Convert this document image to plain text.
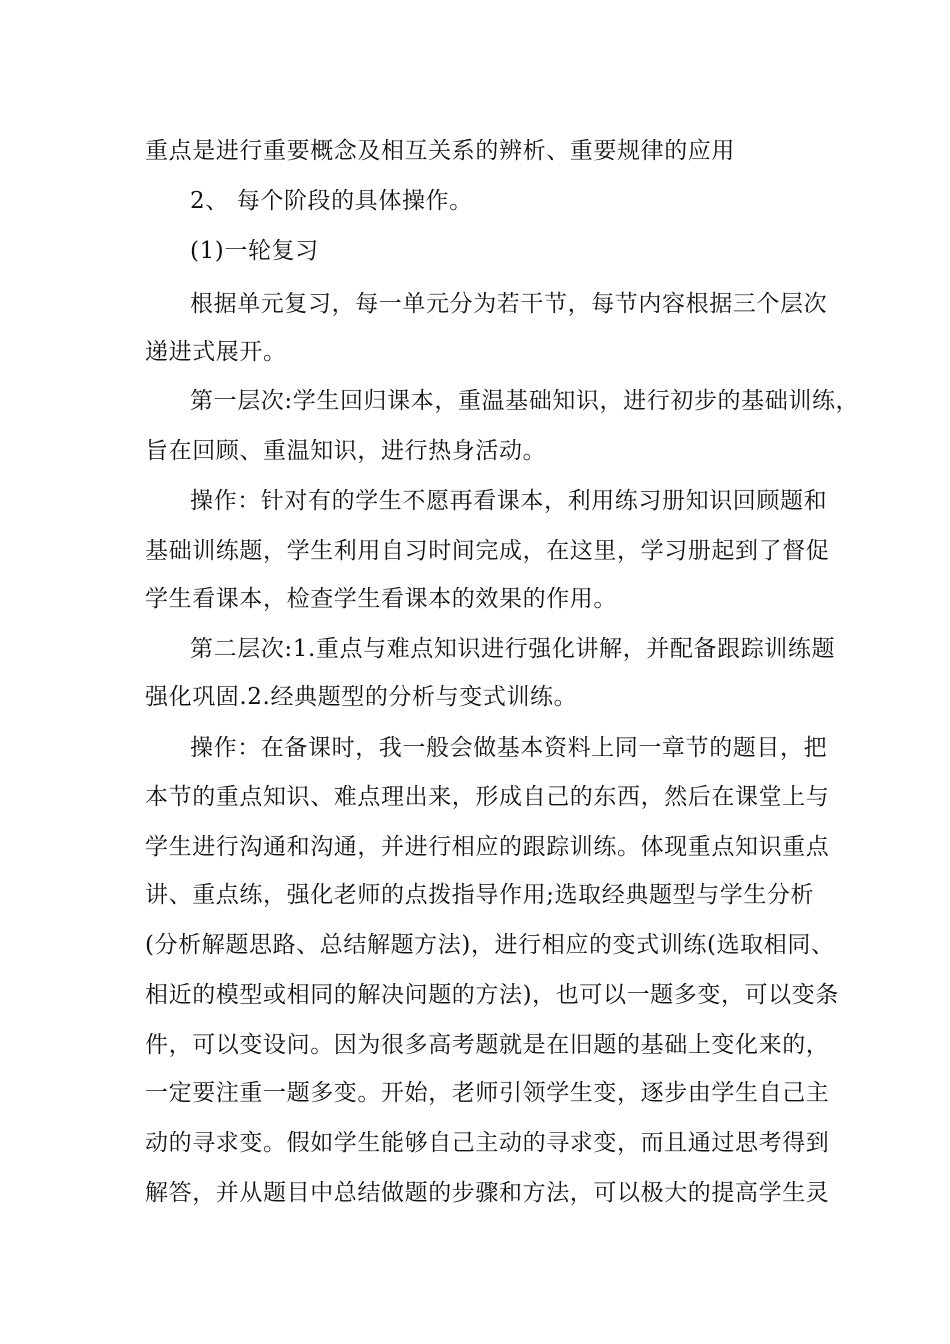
重点是进行重要概念及相互关系的辨析、重要规律的应用
2、 每个阶段的具体操作。
(1)一轮复习
根据单元复习，每一单元分为若干节，每节内容根据三个层次
递进式展开。
第一层次:学生回归课本，重温基础知识，进行初步的基础训练，
旨在回顾、重温知识，进行热身活动。
操作：针对有的学生不愿再看课本，利用练习册知识回顾题和
基础训练题，学生利用自习时间完成，在这里，学习册起到了督促
学生看课本，检查学生看课本的效果的作用。
第二层次:1.重点与难点知识进行强化讲解，并配备跟踪训练题
强化巩固.2.经典题型的分析与变式训练。
操作：在备课时，我一般会做基本资料上同一章节的题目，把
本节的重点知识、难点理出来，形成自己的东西，然后在课堂上与
学生进行沟通和沟通，并进行相应的跟踪训练。体现重点知识重点
讲、重点练，强化老师的点拨指导作用;选取经典题型与学生分析
(分析解题思路、总结解题方法)，进行相应的变式训练(选取相同、
相近的模型或相同的解决问题的方法)，也可以一题多变，可以变条
件，可以变设问。因为很多高考题就是在旧题的基础上变化来的，
一定要注重一题多变。开始，老师引领学生变，逐步由学生自己主
动的寻求变。假如学生能够自己主动的寻求变，而且通过思考得到
解答，并从题目中总结做题的步骤和方法，可以极大的提高学生灵
